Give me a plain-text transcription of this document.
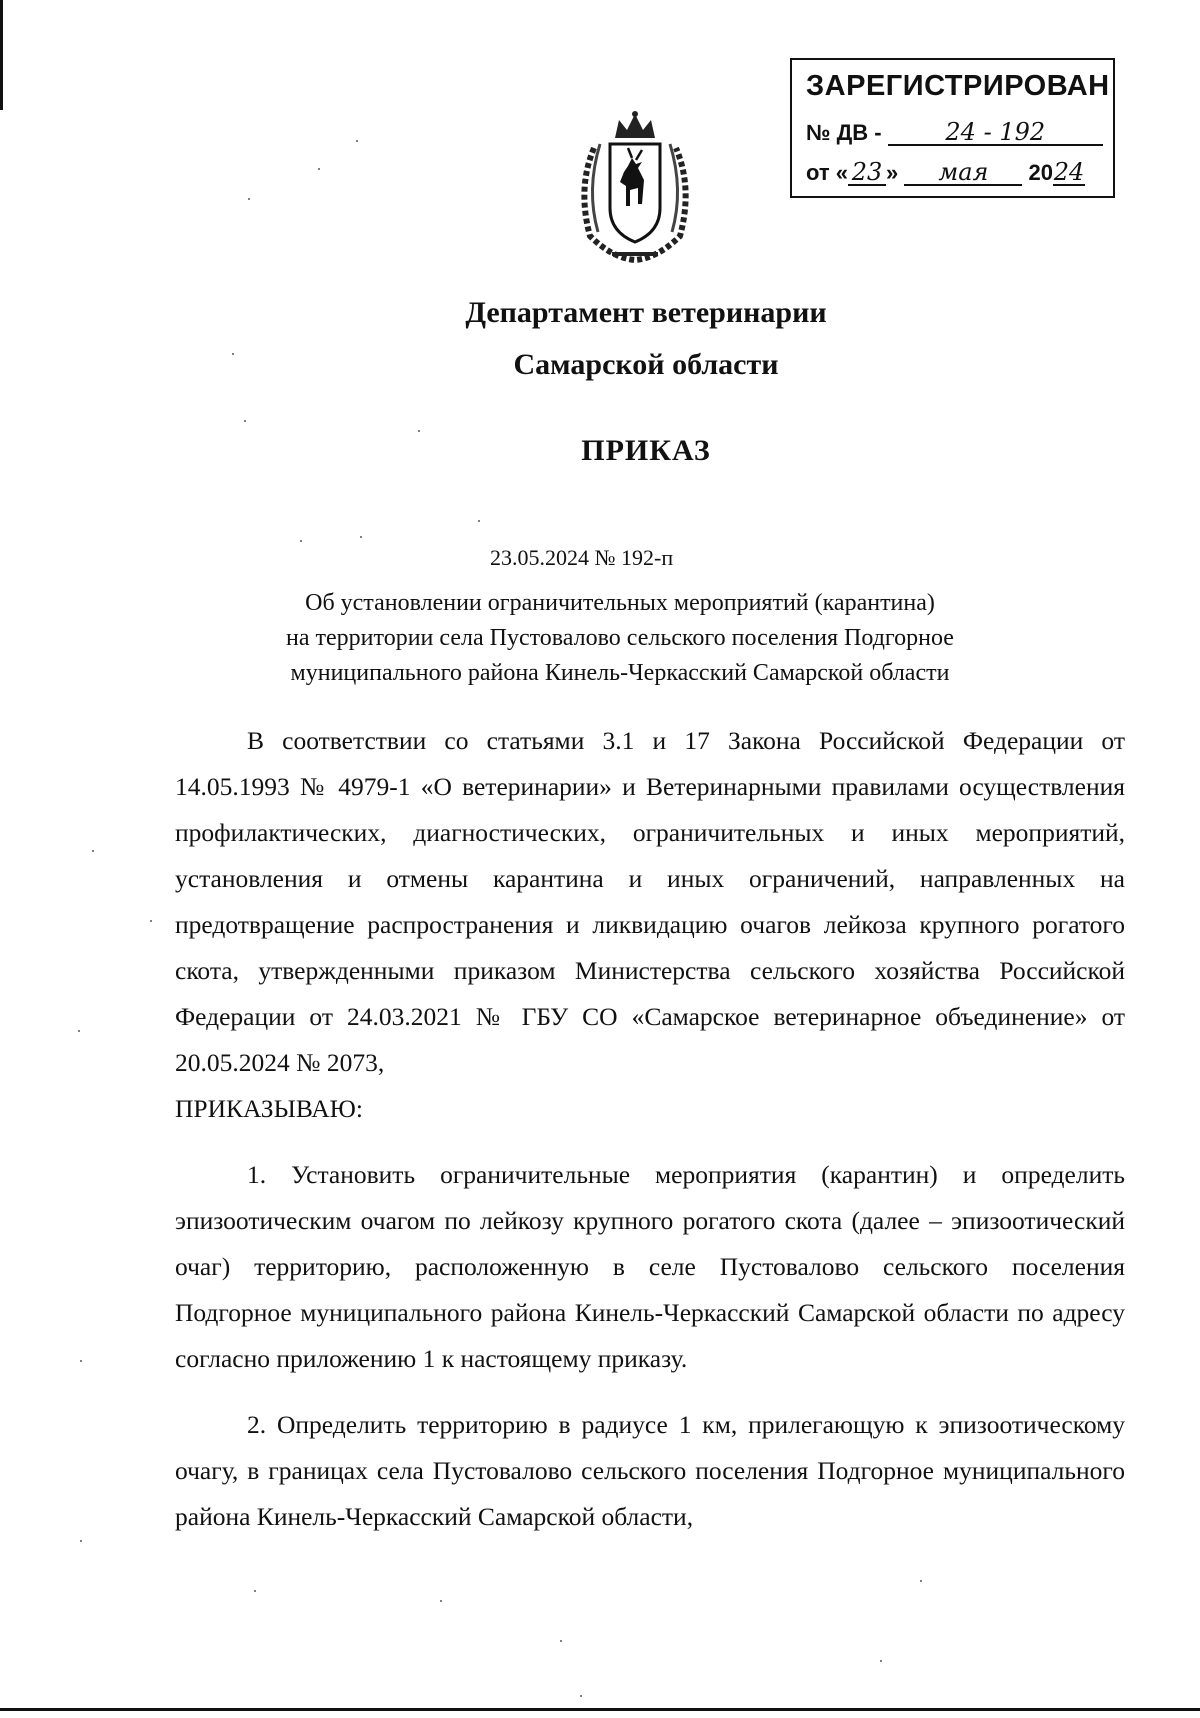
ЗАРЕГИСТРИРОВАН
№ ДВ -	24 - 192
от « 23 » мая 2024
Департамент ветеринарии
Самарской области
ПРИКАЗ
23.05.2024 № 192-п
Об установлении ограничительных мероприятий (карантина)
на территории села Пустовалово сельского поселения Подгорное
муниципального района Кинель-Черкасский Самарской области

В соответствии со статьями 3.1 и 17 Закона Российской Федерации от 14.05.1993 № 4979-1 «О ветеринарии» и Ветеринарными правилами осуществления профилактических, диагностических, ограничительных и иных мероприятий, установления и отмены карантина и иных ограничений, направленных на предотвращение распространения и ликвидацию очагов лейкоза крупного рогатого скота, утвержденными приказом Министерства сельского хозяйства Российской Федерации от 24.03.2021 № ГБУ СО «Самарское ветеринарное объединение» от 20.05.2024 № 2073,

ПРИКАЗЫВАЮ:

1. Установить ограничительные мероприятия (карантин) и определить эпизоотическим очагом по лейкозу крупного рогатого скота (далее – эпизоотический очаг) территорию, расположенную в селе Пустовалово сельского поселения Подгорное муниципального района Кинель-Черкасский Самарской области по адресу согласно приложению 1 к настоящему приказу.

2. Определить территорию в радиусе 1 км, прилегающую к эпизоотическому очагу, в границах села Пустовалово сельского поселения Подгорное муниципального района Кинель-Черкасский Самарской области,
